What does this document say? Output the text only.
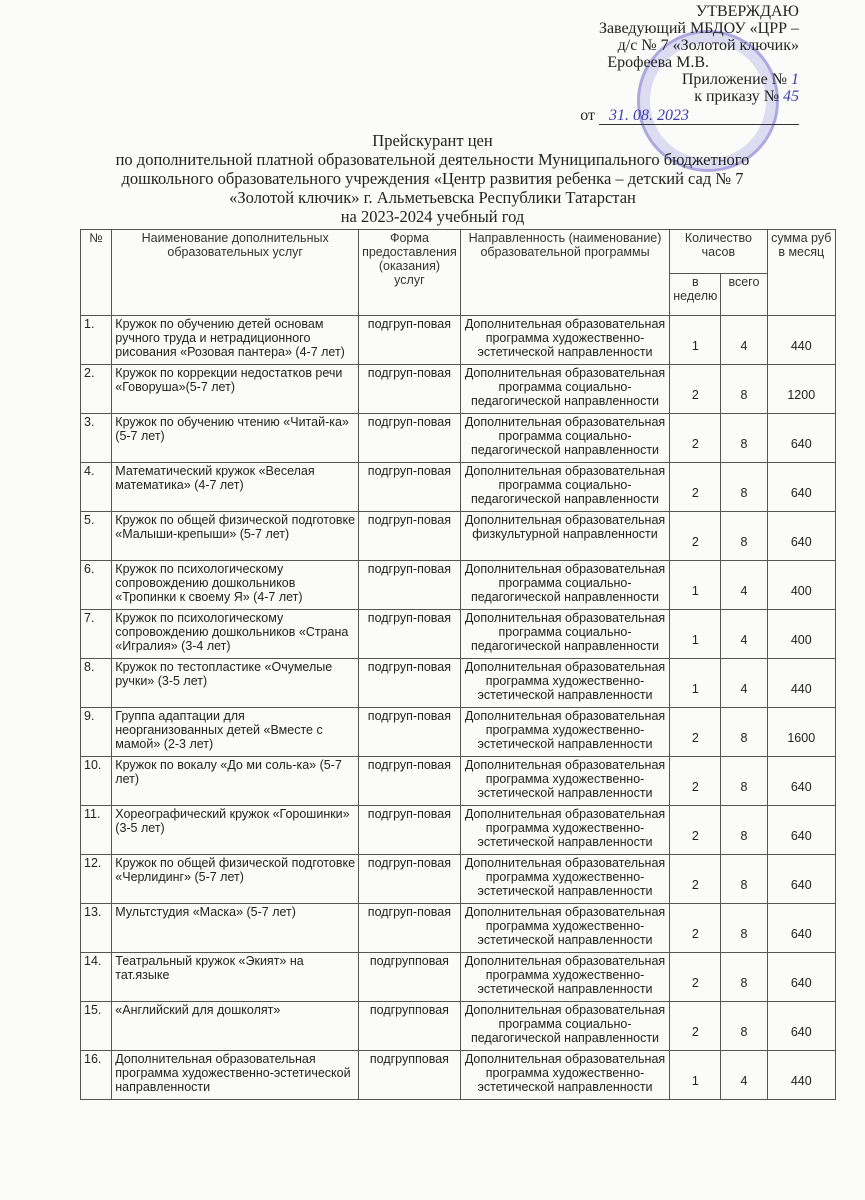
УТВЕРЖДАЮ
Заведующий МБДОУ «ЦРР –
д/с № 7 «Золотой ключик»
Ерофеева М.В.
Приложение № 1
к приказу № 45
от 31. 08. 2023
Прейскурант цен
по дополнительной платной образовательной деятельности Муниципального бюджетного
дошкольного образовательного учреждения «Центр развития ребенка – детский сад № 7
«Золотой ключик» г. Альметьевска Республики Татарстан
на 2023-2024 учебный год
№	Наименование дополнительных образовательных услуг	Форма предоставления (оказания) услуг	Направленность (наименование) образовательной программы	Количество часов		сумма руб в месяц
				в неделю	всего	
1.	Кружок по обучению детей основам ручного труда и нетрадиционного рисования «Розовая пантера» (4-7 лет)	подгруп-повая	Дополнительная образовательная программа художественно-эстетической направленности	1	4	440
2.	Кружок по коррекции недостатков речи «Говоруша»(5-7 лет)	подгруп-повая	Дополнительная образовательная программа социально-педагогической направленности	2	8	1200
3.	Кружок по обучению чтению «Читай-ка» (5-7 лет)	подгруп-повая	Дополнительная образовательная программа социально-педагогической направленности	2	8	640
4.	Математический кружок «Веселая математика» (4-7 лет)	подгруп-повая	Дополнительная образовательная программа социально-педагогической направленности	2	8	640
5.	Кружок по общей физической подготовке «Малыши-крепыши» (5-7 лет)	подгруп-повая	Дополнительная образовательная физкультурной направленности	2	8	640
6.	Кружок по психологическому сопровождению дошкольников «Тропинки к своему Я» (4-7 лет)	подгруп-повая	Дополнительная образовательная программа социально-педагогической направленности	1	4	400
7.	Кружок по психологическому сопровождению дошкольников «Страна «Игралия» (3-4 лет)	подгруп-повая	Дополнительная образовательная программа социально-педагогической направленности	1	4	400
8.	Кружок по тестопластике «Очумелые ручки» (3-5 лет)	подгруп-повая	Дополнительная образовательная программа художественно-эстетической направленности	1	4	440
9.	Группа адаптации для неорганизованных детей «Вместе с мамой» (2-3 лет)	подгруп-повая	Дополнительная образовательная программа художественно-эстетической направленности	2	8	1600
10.	Кружок по вокалу «До ми соль-ка» (5-7 лет)	подгруп-повая	Дополнительная образовательная программа художественно-эстетической направленности	2	8	640
11.	Хореографический кружок «Горошинки» (3-5 лет)	подгруп-повая	Дополнительная образовательная программа художественно-эстетической направленности	2	8	640
12.	Кружок по общей физической подготовке «Черлидинг» (5-7 лет)	подгруп-повая	Дополнительная образовательная программа художественно-эстетической направленности	2	8	640
13.	Мультстудия «Маска» (5-7 лет)	подгруп-повая	Дополнительная образовательная программа художественно-эстетической направленности	2	8	640
14.	Театральный кружок «Экият» на тат.языке	подгрупповая	Дополнительная образовательная программа художественно-эстетической направленности	2	8	640
15.	«Английский для дошколят»	подгрупповая	Дополнительная образовательная программа социально-педагогической направленности	2	8	640
16.	Дополнительная образовательная программа художественно-эстетической направленности	подгрупповая	Дополнительная образовательная программа художественно-эстетической направленности	1	4	440
